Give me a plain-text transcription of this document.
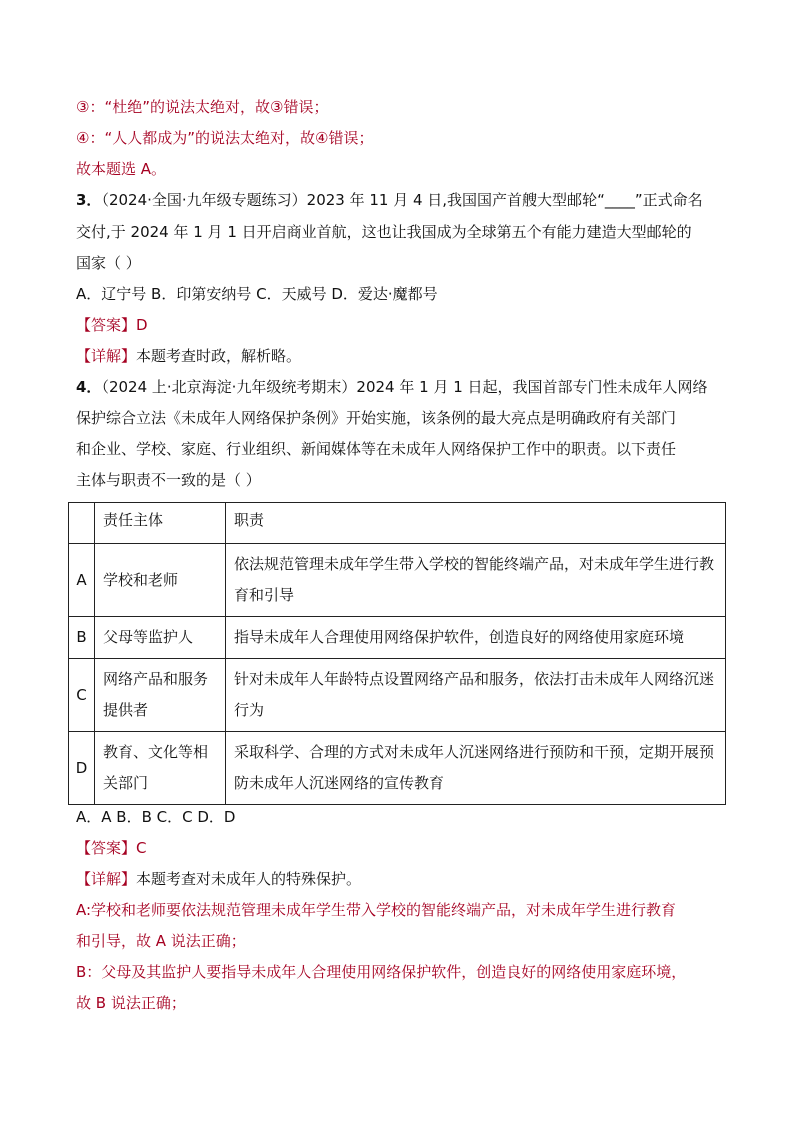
③：“杜绝”的说法太绝对，故③错误；

④：“人人都成为”的说法太绝对，故④错误；

故本题选 A。

3．（2024·全国·九年级专题练习）2023 年 11 月 4 日,我国国产首艘大型邮轮“____”正式命名

交付,于 2024 年 1 月 1 日开启商业首航，这也让我国成为全球第五个有能力建造大型邮轮的

国家（ ）

A．辽宁号 B．印第安纳号 C．天威号 D．爱达·魔都号

【答案】D

【详解】本题考查时政，解析略。

4．（2024 上·北京海淀·九年级统考期末）2024 年 1 月 1 日起，我国首部专门性未成年人网络

保护综合立法《未成年人网络保护条例》开始实施，该条例的最大亮点是明确政府有关部门

和企业、学校、家庭、行业组织、新闻媒体等在未成年人网络保护工作中的职责。以下责任

主体与职责不一致的是（ ）

	责任主体	职责
A	学校和老师	依法规范管理未成年学生带入学校的智能终端产品，对未成年学生进行教育和引导
B	父母等监护人	指导未成年人合理使用网络保护软件，创造良好的网络使用家庭环境
C	网络产品和服务提供者	针对未成年人年龄特点设置网络产品和服务，依法打击未成年人网络沉迷行为
D	教育、文化等相关部门	采取科学、合理的方式对未成年人沉迷网络进行预防和干预，定期开展预防未成年人沉迷网络的宣传教育

A．A B．B C．C D．D

【答案】C

【详解】本题考查对未成年人的特殊保护。

A:学校和老师要依法规范管理未成年学生带入学校的智能终端产品，对未成年学生进行教育

和引导，故 A 说法正确；

B：父母及其监护人要指导未成年人合理使用网络保护软件，创造良好的网络使用家庭环境，

故 B 说法正确；
